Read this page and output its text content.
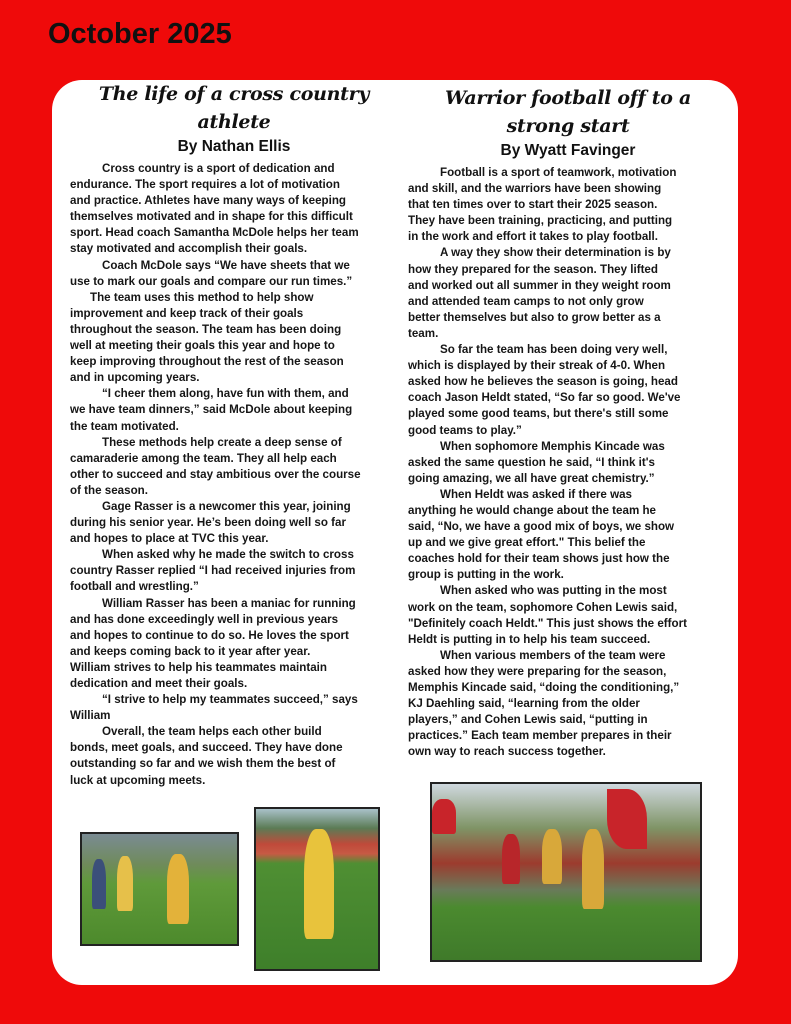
October 2025
The life of a cross country
athlete
By Nathan Ellis

Cross country is a sport of dedication and
endurance. The sport requires a lot of motivation
and practice. Athletes have many ways of keeping
themselves motivated and in shape for this difficult
sport. Head coach Samantha McDole helps her team
stay motivated and accomplish their goals.

Coach McDole says “We have sheets that we
use to mark our goals and compare our run times.”

The team uses this method to help show
improvement and keep track of their goals
throughout the season. The team has been doing
well at meeting their goals this year and hope to
keep improving throughout the rest of the season
and in upcoming years.

“I cheer them along, have fun with them, and
we have team dinners,” said McDole about keeping
the team motivated.

These methods help create a deep sense of
camaraderie among the team. They all help each
other to succeed and stay ambitious over the course
of the season.

Gage Rasser is a newcomer this year, joining
during his senior year. He’s been doing well so far
and hopes to place at TVC this year.

When asked why he made the switch to cross
country Rasser replied “I had received injuries from
football and wrestling.”

William Rasser has been a maniac for running
and has done exceedingly well in previous years
and hopes to continue to do so. He loves the sport
and keeps coming back to it year after year.
William strives to help his teammates maintain
dedication and meet their goals.

“I strive to help my teammates succeed,” says
William

Overall, the team helps each other build
bonds, meet goals, and succeed. They have done
outstanding so far and we wish them the best of
luck at upcoming meets.

Warrior football off to a
strong start
By Wyatt Favinger

Football is a sport of teamwork, motivation
and skill, and the warriors have been showing
that ten times over to start their 2025 season.
They have been training, practicing, and putting
in the work and effort it takes to play football.

A way they show their determination is by
how they prepared for the season. They lifted
and worked out all summer in they weight room
and attended team camps to not only grow
better themselves but also to grow better as a
team.

So far the team has been doing very well,
which is displayed by their streak of 4-0. When
asked how he believes the season is going, head
coach Jason Heldt stated, “So far so good. We've
played some good teams, but there's still some
good teams to play.”

When sophomore Memphis Kincade was
asked the same question he said, “I think it's
going amazing, we all have great chemistry.”

When Heldt was asked if there was
anything he would change about the team he
said, “No, we have a good mix of boys, we show
up and we give great effort." This belief the
coaches hold for their team shows just how the
group is putting in the work.

When asked who was putting in the most
work on the team, sophomore Cohen Lewis said,
"Definitely coach Heldt." This just shows the effort
Heldt is putting in to help his team succeed.

When various members of the team were
asked how they were preparing for the season,
Memphis Kincade said, “doing the conditioning,”
KJ Daehling said, “learning from the older
players,” and Cohen Lewis said, “putting in
practices.” Each team member prepares in their
own way to reach success together.
